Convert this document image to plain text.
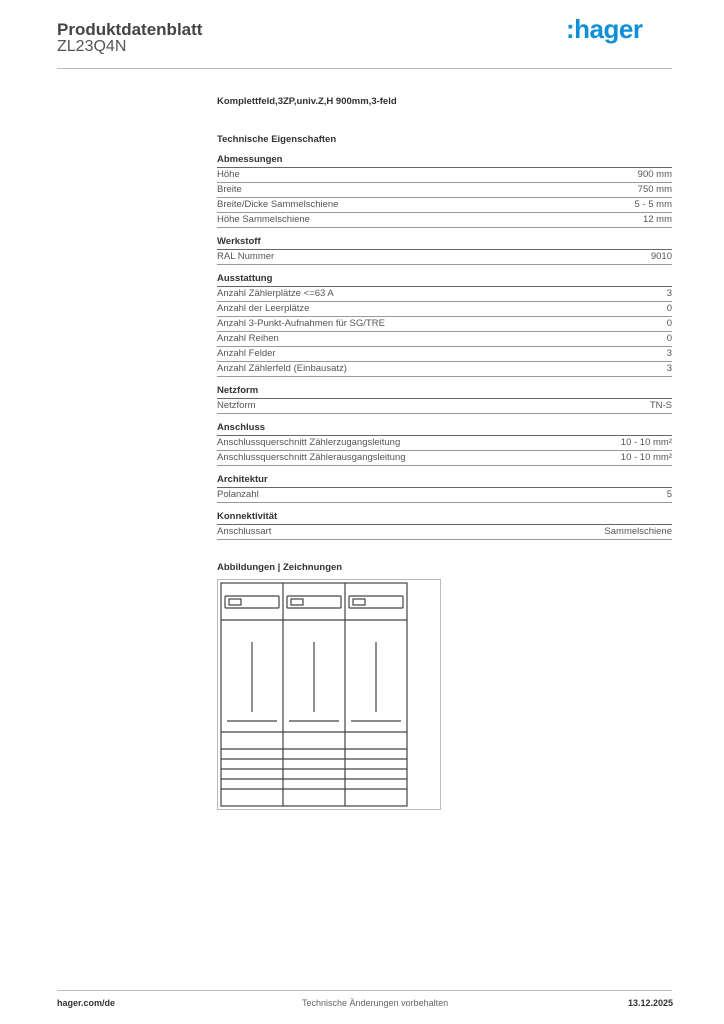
Produktdatenblatt
ZL23Q4N
:hager
Komplettfeld,3ZP,univ.Z,H 900mm,3-feld
Technische Eigenschaften
Abmessungen
Höhe	900 mm
Breite	750 mm
Breite/Dicke Sammelschiene	5 - 5 mm
Höhe Sammelschiene	12 mm
Werkstoff
RAL Nummer	9010
Ausstattung
Anzahl Zählerplätze <=63 A	3
Anzahl der Leerplätze	0
Anzahl 3-Punkt-Aufnahmen für SG/TRE	0
Anzahl Reihen	0
Anzahl Felder	3
Anzahl Zählerfeld (Einbausatz)	3
Netzform
Netzform	TN-S
Anschluss
Anschlussquerschnitt Zählerzugangsleitung	10 - 10 mm²
Anschlussquerschnitt Zählerausgangsleitung	10 - 10 mm²
Architektur
Polanzahl	5
Konnektivität
Anschlussart	Sammelschiene
Abbildungen | Zeichnungen
hager.com/de	Technische Änderungen vorbehalten	13.12.2025
